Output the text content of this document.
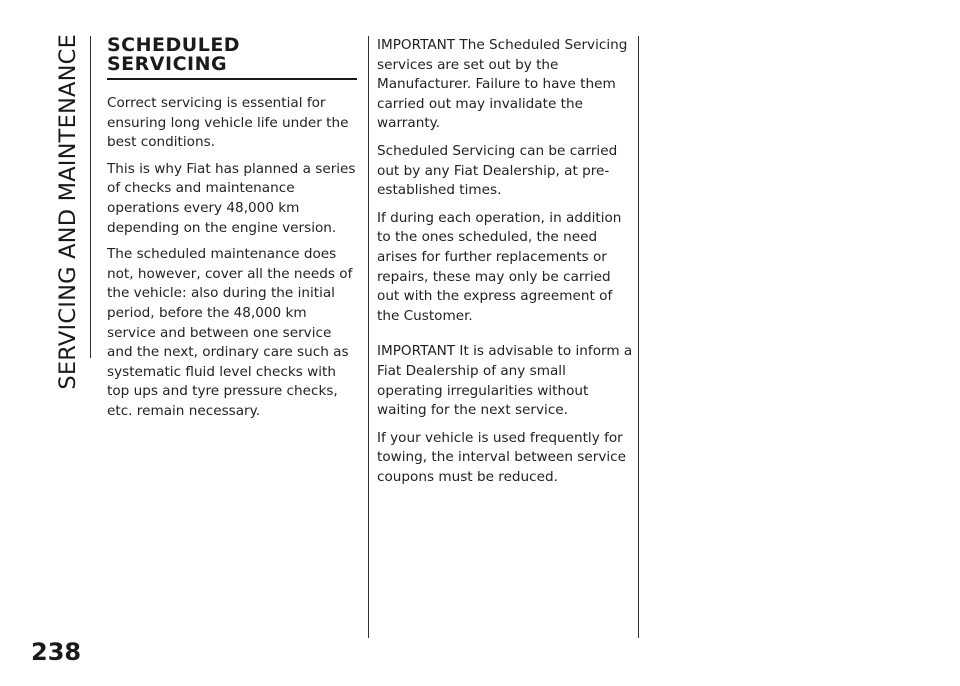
SERVICING AND MAINTENANCE	SCHEDULED
SERVICING

Correct servicing is essential for ensuring long vehicle life under the best conditions.

This is why Fiat has planned a series of checks and maintenance operations every 48,000 km depending on the engine version.

The scheduled maintenance does not, however, cover all the needs of the vehicle: also during the initial period, before the 48,000 km service and between one service and the next, ordinary care such as systematic fluid level checks with top ups and tyre pressure checks, etc. remain necessary.

IMPORTANT The Scheduled Servicing services are set out by the Manufacturer. Failure to have them carried out may invalidate the warranty.

Scheduled Servicing can be carried out by any Fiat Dealership, at pre-established times.

If during each operation, in addition to the ones scheduled, the need arises for further replacements or repairs, these may only be carried out with the express agreement of the Customer.

IMPORTANT It is advisable to inform a Fiat Dealership of any small operating irregularities without waiting for the next service.

If your vehicle is used frequently for towing, the interval between service coupons must be reduced.

238
